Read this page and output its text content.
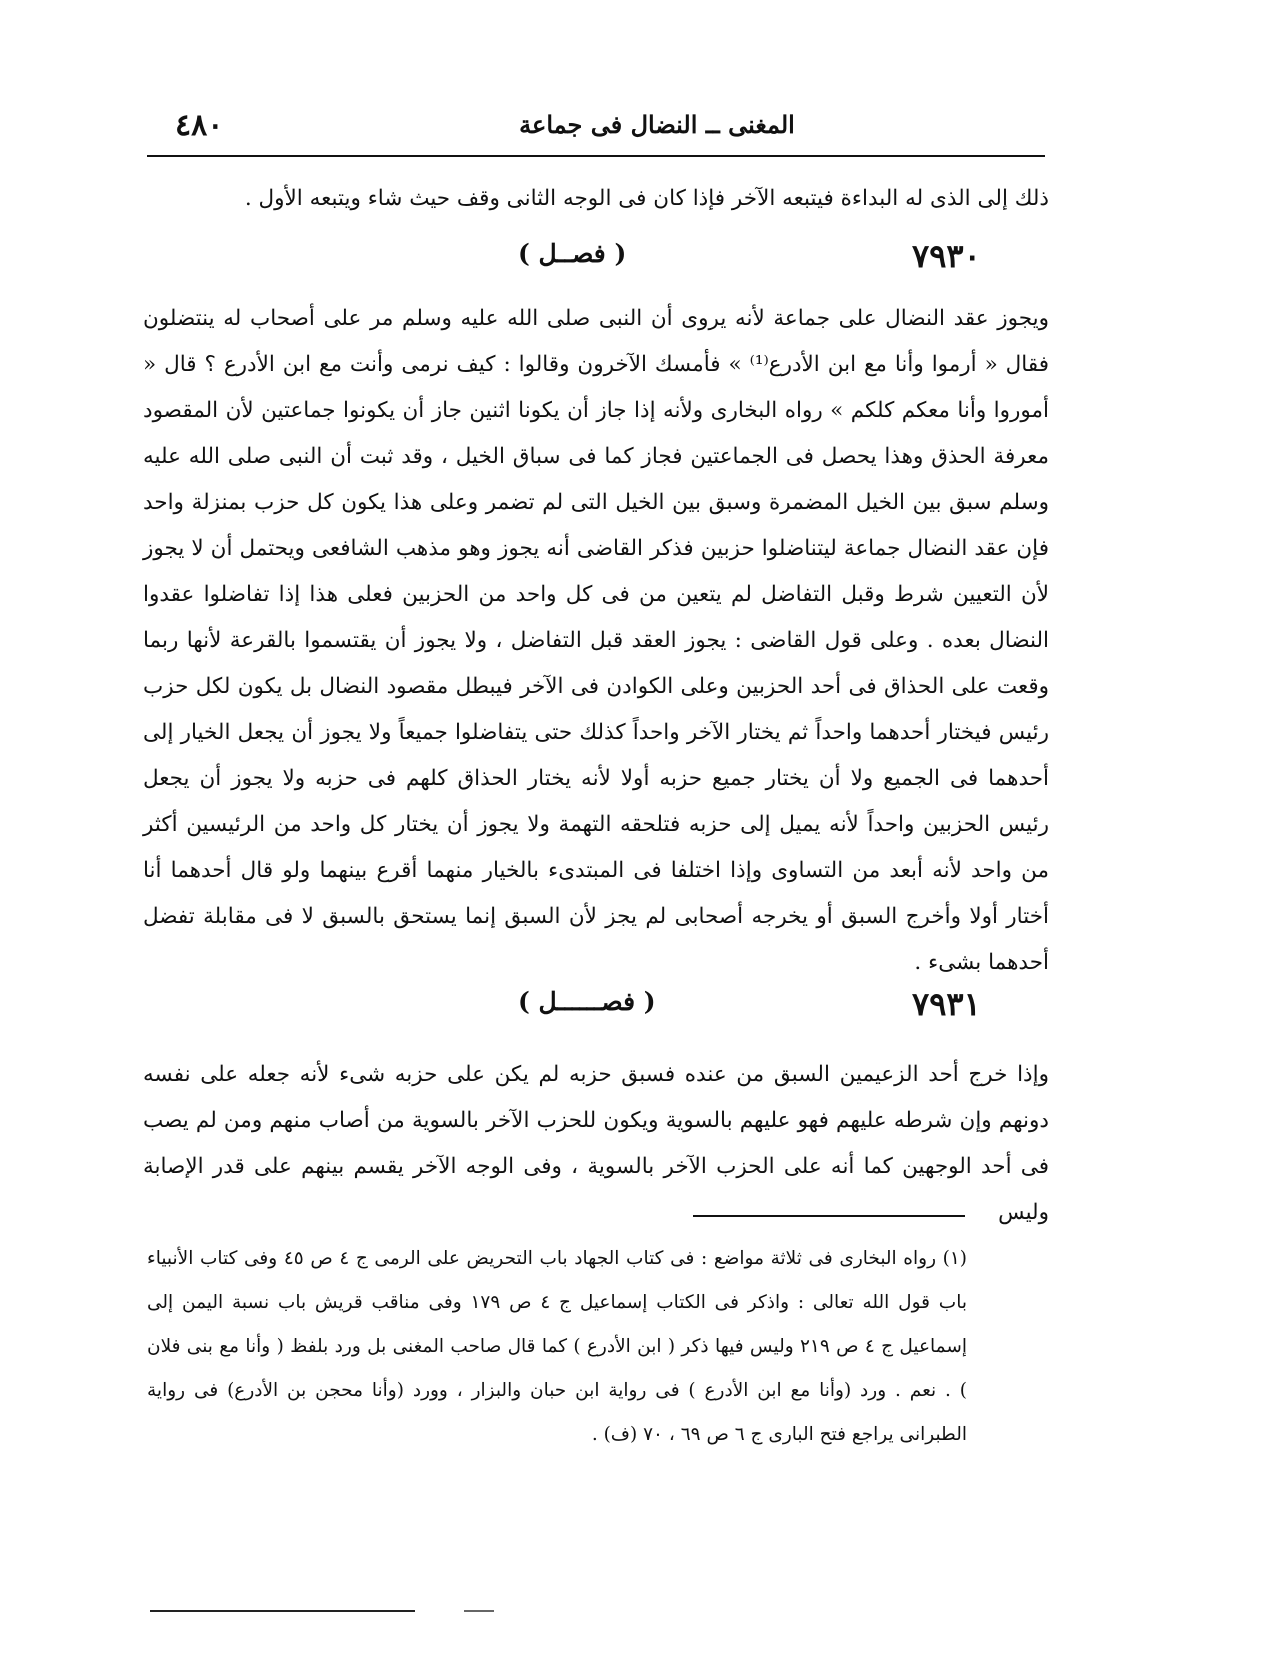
٤٨٠	المغنى ــ النضال فى جماعة

ذلك إلى الذى له البداءة فيتبعه الآخر فإذا كان فى الوجه الثانى وقف حيث شاء ويتبعه الأول .

٧٩٣٠
( فصــل )

ويجوز عقد النضال على جماعة لأنه يروى أن النبى صلى الله عليه وسلم مر على أصحاب له ينتضلون فقال « أرموا وأنا مع ابن الأدرع⁽¹⁾ » فأمسك الآخرون وقالوا : كيف نرمى وأنت مع ابن الأدرع ؟ قال « أموروا وأنا معكم كلكم » رواه البخارى ولأنه إذا جاز أن يكونا اثنين جاز أن يكونوا جماعتين لأن المقصود معرفة الحذق وهذا يحصل فى الجماعتين فجاز كما فى سباق الخيل ، وقد ثبت أن النبى صلى الله عليه وسلم سبق بين الخيل المضمرة وسبق بين الخيل التى لم تضمر وعلى هذا يكون كل حزب بمنزلة واحد فإن عقد النضال جماعة ليتناضلوا حزبين فذكر القاضى أنه يجوز وهو مذهب الشافعى ويحتمل أن لا يجوز لأن التعيين شرط وقبل التفاضل لم يتعين من فى كل واحد من الحزبين فعلى هذا إذا تفاضلوا عقدوا النضال بعده . وعلى قول القاضى : يجوز العقد قبل التفاضل ، ولا يجوز أن يقتسموا بالقرعة لأنها ربما وقعت على الحذاق فى أحد الحزبين وعلى الكوادن فى الآخر فيبطل مقصود النضال بل يكون لكل حزب رئيس فيختار أحدهما واحداً ثم يختار الآخر واحداً كذلك حتى يتفاضلوا جميعاً ولا يجوز أن يجعل الخيار إلى أحدهما فى الجميع ولا أن يختار جميع حزبه أولا لأنه يختار الحذاق كلهم فى حزبه ولا يجوز أن يجعل رئيس الحزبين واحداً لأنه يميل إلى حزبه فتلحقه التهمة ولا يجوز أن يختار كل واحد من الرئيسين أكثر من واحد لأنه أبعد من التساوى وإذا اختلفا فى المبتدىء بالخيار منهما أقرع بينهما ولو قال أحدهما أنا أختار أولا وأخرج السبق أو يخرجه أصحابى لم يجز لأن السبق إنما يستحق بالسبق لا فى مقابلة تفضل أحدهما بشىء .

٧٩٣١
( فصــــــل )

وإذا خرج أحد الزعيمين السبق من عنده فسبق حزبه لم يكن على حزبه شىء لأنه جعله على نفسه دونهم وإن شرطه عليهم فهو عليهم بالسوية ويكون للحزب الآخر بالسوية من أصاب منهم ومن لم يصب فى أحد الوجهين كما أنه على الحزب الآخر بالسوية ، وفى الوجه الآخر يقسم بينهم على قدر الإصابة وليس

(١) رواه البخارى فى ثلاثة مواضع : فى كتاب الجهاد باب التحريض على الرمى ج ٤ ص ٤٥ وفى كتاب الأنبياء باب قول الله تعالى : واذكر فى الكتاب إسماعيل ج ٤ ص ١٧٩ وفى مناقب قريش باب نسبة اليمن إلى إسماعيل ج ٤ ص ٢١٩ وليس فيها ذكر ( ابن الأدرع ) كما قال صاحب المغنى بل ورد بلفظ ( وأنا مع بنى فلان ) . نعم . ورد (وأنا مع ابن الأدرع ) فى رواية ابن حبان والبزار ، وورد (وأنا محجن بن الأدرع) فى رواية الطبرانى يراجع فتح البارى ج ٦ ص ٦٩ ، ٧٠ (ف) .
